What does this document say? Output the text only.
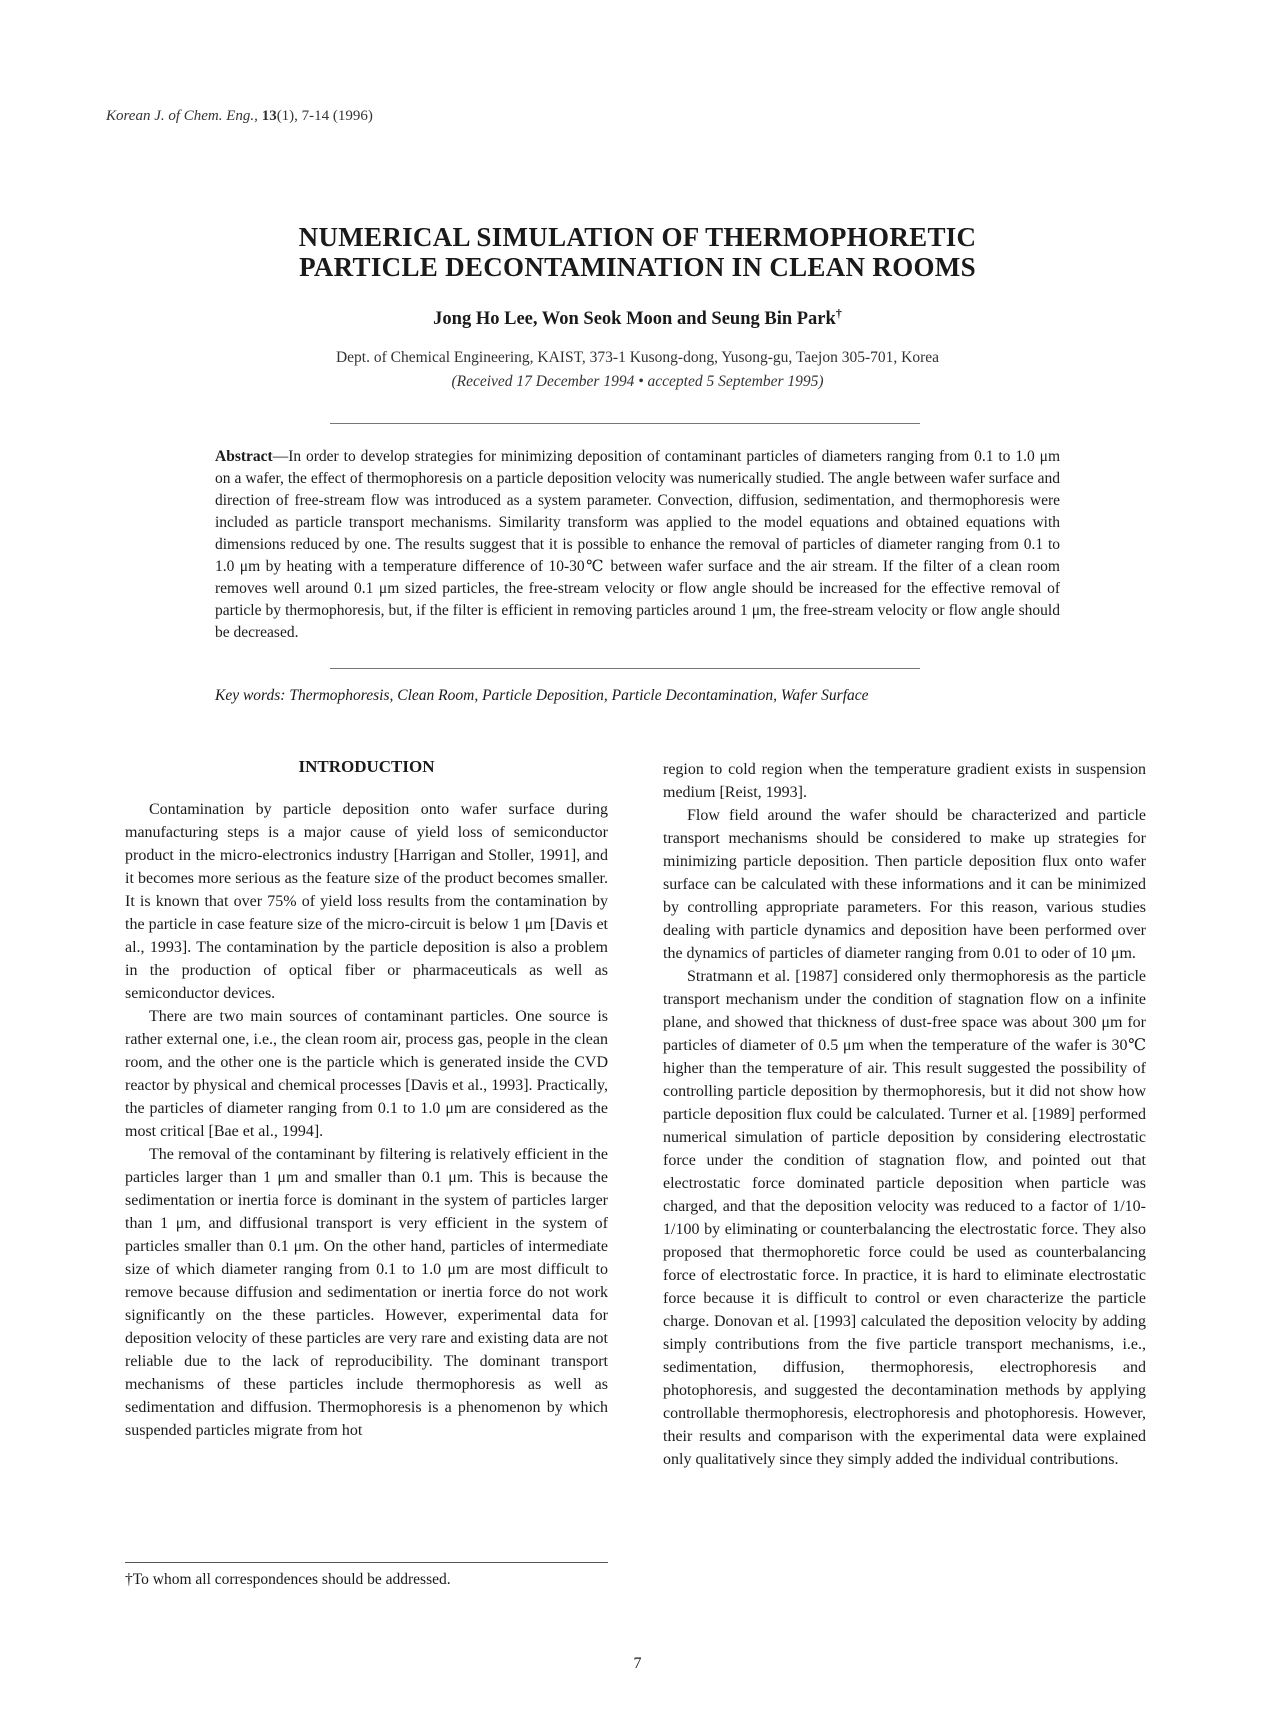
Korean J. of Chem. Eng., 13(1), 7-14 (1996)
NUMERICAL SIMULATION OF THERMOPHORETIC
PARTICLE DECONTAMINATION IN CLEAN ROOMS
Jong Ho Lee, Won Seok Moon and Seung Bin Park†
Dept. of Chemical Engineering, KAIST, 373-1 Kusong-dong, Yusong-gu, Taejon 305-701, Korea
(Received 17 December 1994 • accepted 5 September 1995)

Abstract—In order to develop strategies for minimizing deposition of contaminant particles of diameters ranging from 0.1 to 1.0 μm on a wafer, the effect of thermophoresis on a particle deposition velocity was numerically studied. The angle between wafer surface and direction of free-stream flow was introduced as a system parameter. Convection, diffusion, sedimentation, and thermophoresis were included as particle transport mechanisms. Similarity transform was applied to the model equations and obtained equations with dimensions reduced by one. The results suggest that it is possible to enhance the removal of particles of diameter ranging from 0.1 to 1.0 μm by heating with a temperature difference of 10-30℃ between wafer surface and the air stream. If the filter of a clean room removes well around 0.1 μm sized particles, the free-stream velocity or flow angle should be increased for the effective removal of particle by thermophoresis, but, if the filter is efficient in removing particles around 1 μm, the free-stream velocity or flow angle should be decreased.

Key words: Thermophoresis, Clean Room, Particle Deposition, Particle Decontamination, Wafer Surface

INTRODUCTION

Contamination by particle deposition onto wafer surface during manufacturing steps is a major cause of yield loss of semiconductor product in the micro-electronics industry [Harrigan and Stoller, 1991], and it becomes more serious as the feature size of the product becomes smaller. It is known that over 75% of yield loss results from the contamination by the particle in case feature size of the micro-circuit is below 1 μm [Davis et al., 1993]. The contamination by the particle deposition is also a problem in the production of optical fiber or pharmaceuticals as well as semiconductor devices.

There are two main sources of contaminant particles. One source is rather external one, i.e., the clean room air, process gas, people in the clean room, and the other one is the particle which is generated inside the CVD reactor by physical and chemical processes [Davis et al., 1993]. Practically, the particles of diameter ranging from 0.1 to 1.0 μm are considered as the most critical [Bae et al., 1994].

The removal of the contaminant by filtering is relatively efficient in the particles larger than 1 μm and smaller than 0.1 μm. This is because the sedimentation or inertia force is dominant in the system of particles larger than 1 μm, and diffusional transport is very efficient in the system of particles smaller than 0.1 μm. On the other hand, particles of intermediate size of which diameter ranging from 0.1 to 1.0 μm are most difficult to remove because diffusion and sedimentation or inertia force do not work significantly on the these particles. However, experimental data for deposition velocity of these particles are very rare and existing data are not reliable due to the lack of reproducibility. The dominant transport mechanisms of these particles include thermophoresis as well as sedimentation and diffusion. Thermophoresis is a phenomenon by which suspended particles migrate from hot

region to cold region when the temperature gradient exists in suspension medium [Reist, 1993].

Flow field around the wafer should be characterized and particle transport mechanisms should be considered to make up strategies for minimizing particle deposition. Then particle deposition flux onto wafer surface can be calculated with these informations and it can be minimized by controlling appropriate parameters. For this reason, various studies dealing with particle dynamics and deposition have been performed over the dynamics of particles of diameter ranging from 0.01 to oder of 10 μm.

Stratmann et al. [1987] considered only thermophoresis as the particle transport mechanism under the condition of stagnation flow on a infinite plane, and showed that thickness of dust-free space was about 300 μm for particles of diameter of 0.5 μm when the temperature of the wafer is 30℃ higher than the temperature of air. This result suggested the possibility of controlling particle deposition by thermophoresis, but it did not show how particle deposition flux could be calculated. Turner et al. [1989] performed numerical simulation of particle deposition by considering electrostatic force under the condition of stagnation flow, and pointed out that electrostatic force dominated particle deposition when particle was charged, and that the deposition velocity was reduced to a factor of 1/10-1/100 by eliminating or counterbalancing the electrostatic force. They also proposed that thermophoretic force could be used as counterbalancing force of electrostatic force. In practice, it is hard to eliminate electrostatic force because it is difficult to control or even characterize the particle charge. Donovan et al. [1993] calculated the deposition velocity by adding simply contributions from the five particle transport mechanisms, i.e., sedimentation, diffusion, thermophoresis, electrophoresis and photophoresis, and suggested the decontamination methods by applying controllable thermophoresis, electrophoresis and photophoresis. However, their results and comparison with the experimental data were explained only qualitatively since they simply added the individual contributions.

†To whom all correspondences should be addressed.
7
